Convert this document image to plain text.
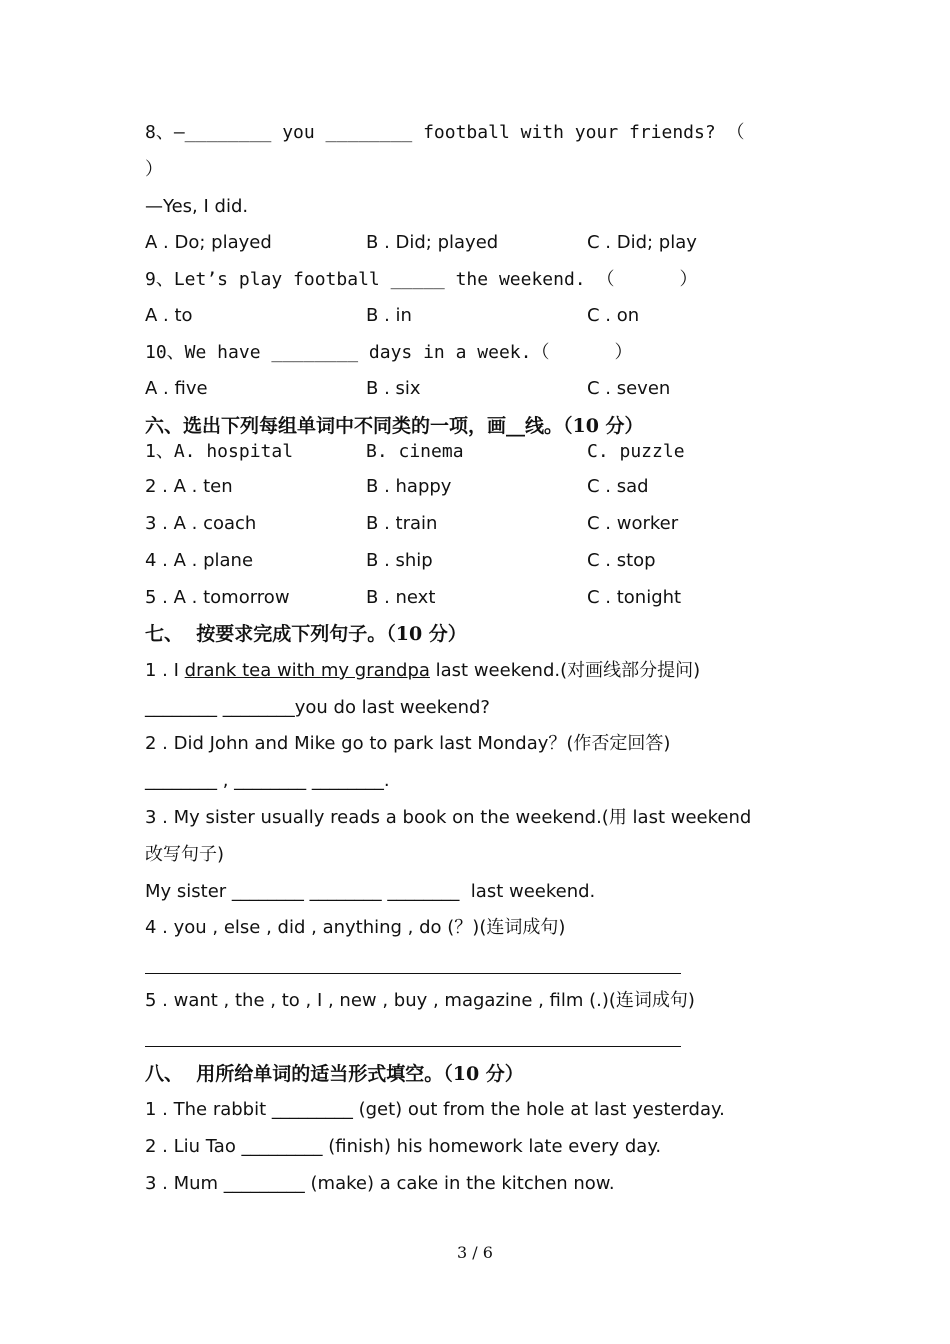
8、—________ you ________ football with your friends? （
）
—Yes, I did.
A . Do; played	B . Did; played	C . Did; play
9、Let’s play football _____ the weekend. （      ）
A . to	B . in	C . on
10、We have ________ days in a week.（      ）
A . five	B . six	C . seven
六、选出下列每组单词中不同类的一项，画__线。（10 分）
1、A. hospital	B. cinema	C. puzzle
2 . A . ten	B . happy	C . sad
3 . A . coach	B . train	C . worker
4 . A . plane	B . ship	C . stop
5 . A . tomorrow	B . next	C . tonight
七、  按要求完成下列句子。（10 分）
1 . I drank tea with my grandpa last weekend.(对画线部分提问)
________ ________you do last weekend?
2 . Did John and Mike go to park last Monday？(作否定回答)
________ , ________ ________.
3 . My sister usually reads a book on the weekend.(用 last weekend
改写句子)
My sister ________ ________ ________  last weekend.
4 . you , else , did , anything , do (？)(连词成句)
5 . want , the , to , I , new , buy , magazine , film (.)(连词成句)
八、  用所给单词的适当形式填空。（10 分）
1 . The rabbit _________ (get) out from the hole at last yesterday.
2 . Liu Tao _________ (finish) his homework late every day.
3 . Mum _________ (make) a cake in the kitchen now.
3 / 6
